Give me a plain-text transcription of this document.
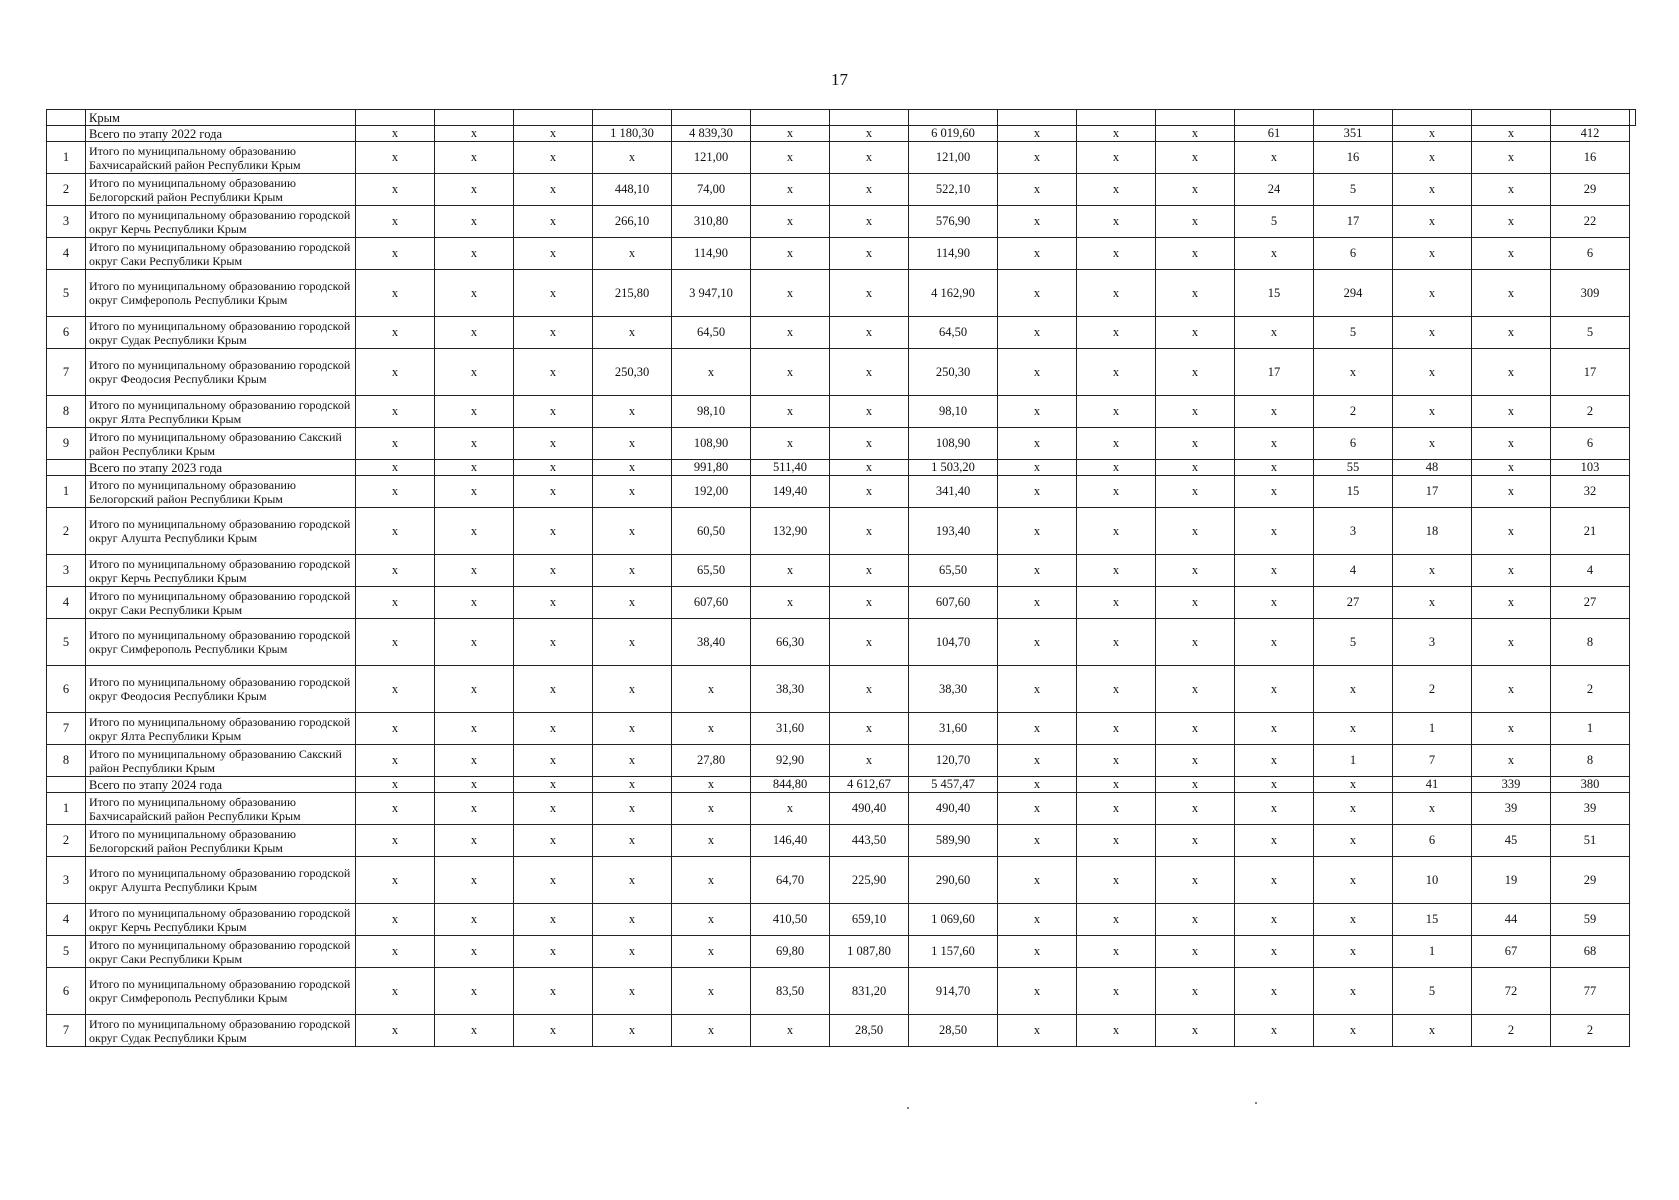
17
	Крым																	
	Всего по этапу 2022 года	x	x	x	1 180,30	4 839,30	x	x	6 019,60	x	x	x	61	351	x	x	412	
1	Итого по муниципальному образованию Бахчисарайский район Республики Крым	x	x	x	x	121,00	x	x	121,00	x	x	x	x	16	x	x	16	
2	Итого по муниципальному образованию Белогорский район Республики Крым	x	x	x	448,10	74,00	x	x	522,10	x	x	x	24	5	x	x	29	
3	Итого по муниципальному образованию городской округ Керчь Республики Крым	x	x	x	266,10	310,80	x	x	576,90	x	x	x	5	17	x	x	22	
4	Итого по муниципальному образованию городской округ Саки Республики Крым	x	x	x	x	114,90	x	x	114,90	x	x	x	x	6	x	x	6	
5	Итого по муниципальному образованию городской округ Симферополь Республики Крым	x	x	x	215,80	3 947,10	x	x	4 162,90	x	x	x	15	294	x	x	309	
6	Итого по муниципальному образованию городской округ Судак Республики Крым	x	x	x	x	64,50	x	x	64,50	x	x	x	x	5	x	x	5	
7	Итого по муниципальному образованию городской округ Феодосия Республики Крым	x	x	x	250,30	x	x	x	250,30	x	x	x	17	x	x	x	17	
8	Итого по муниципальному образованию городской округ Ялта Республики Крым	x	x	x	x	98,10	x	x	98,10	x	x	x	x	2	x	x	2	
9	Итого по муниципальному образованию Сакский район Республики Крым	x	x	x	x	108,90	x	x	108,90	x	x	x	x	6	x	x	6	
	Всего по этапу 2023 года	x	x	x	x	991,80	511,40	x	1 503,20	x	x	x	x	55	48	x	103	
1	Итого по муниципальному образованию Белогорский район Республики Крым	x	x	x	x	192,00	149,40	x	341,40	x	x	x	x	15	17	x	32	
2	Итого по муниципальному образованию городской округ Алушта Республики Крым	x	x	x	x	60,50	132,90	x	193,40	x	x	x	x	3	18	x	21	
3	Итого по муниципальному образованию городской округ Керчь Республики Крым	x	x	x	x	65,50	x	x	65,50	x	x	x	x	4	x	x	4	
4	Итого по муниципальному образованию городской округ Саки Республики Крым	x	x	x	x	607,60	x	x	607,60	x	x	x	x	27	x	x	27	
5	Итого по муниципальному образованию городской округ Симферополь Республики Крым	x	x	x	x	38,40	66,30	x	104,70	x	x	x	x	5	3	x	8	
6	Итого по муниципальному образованию городской округ Феодосия Республики Крым	x	x	x	x	x	38,30	x	38,30	x	x	x	x	x	2	x	2	
7	Итого по муниципальному образованию городской округ Ялта Республики Крым	x	x	x	x	x	31,60	x	31,60	x	x	x	x	x	1	x	1	
8	Итого по муниципальному образованию Сакский район Республики Крым	x	x	x	x	27,80	92,90	x	120,70	x	x	x	x	1	7	x	8	
	Всего по этапу 2024 года	x	x	x	x	x	844,80	4 612,67	5 457,47	x	x	x	x	x	41	339	380	
1	Итого по муниципальному образованию Бахчисарайский район Республики Крым	x	x	x	x	x	x	490,40	490,40	x	x	x	x	x	x	39	39	
2	Итого по муниципальному образованию Белогорский район Республики Крым	x	x	x	x	x	146,40	443,50	589,90	x	x	x	x	x	6	45	51	
3	Итого по муниципальному образованию городской округ Алушта Республики Крым	x	x	x	x	x	64,70	225,90	290,60	x	x	x	x	x	10	19	29	
4	Итого по муниципальному образованию городской округ Керчь Республики Крым	x	x	x	x	x	410,50	659,10	1 069,60	x	x	x	x	x	15	44	59	
5	Итого по муниципальному образованию городской округ Саки Республики Крым	x	x	x	x	x	69,80	1 087,80	1 157,60	x	x	x	x	x	1	67	68	
6	Итого по муниципальному образованию городской округ Симферополь Республики Крым	x	x	x	x	x	83,50	831,20	914,70	x	x	x	x	x	5	72	77	
7	Итого по муниципальному образованию городской округ Судак Республики Крым	x	x	x	x	x	x	28,50	28,50	x	x	x	x	x	x	2	2	
